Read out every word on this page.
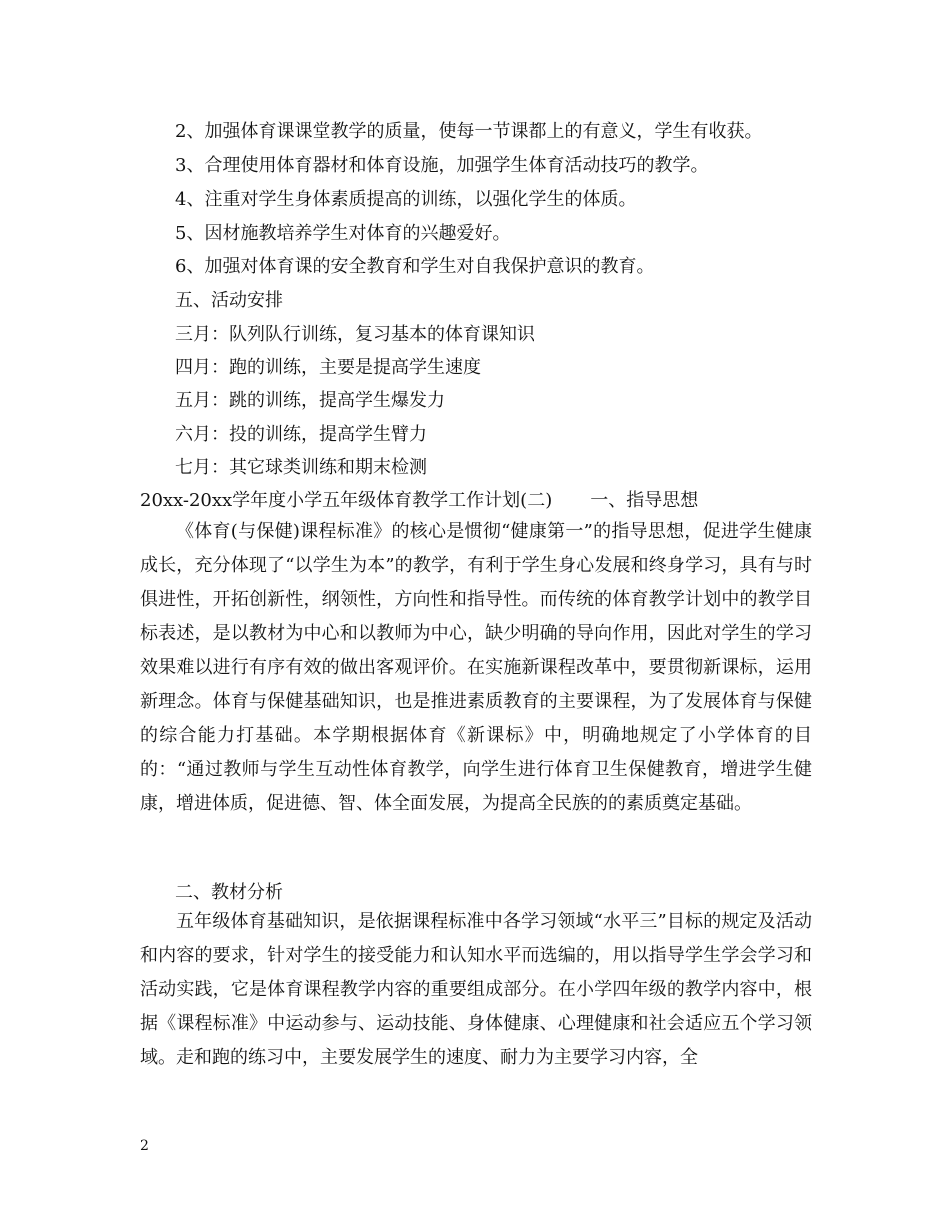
2、加强体育课课堂教学的质量，使每一节课都上的有意义，学生有收获。
3、合理使用体育器材和体育设施，加强学生体育活动技巧的教学。
4、注重对学生身体素质提高的训练，以强化学生的体质。
5、因材施教培养学生对体育的兴趣爱好。
6、加强对体育课的安全教育和学生对自我保护意识的教育。
五、活动安排
三月：队列队行训练，复习基本的体育课知识
四月：跑的训练，主要是提高学生速度
五月：跳的训练，提高学生爆发力
六月：投的训练，提高学生臂力
七月：其它球类训练和期末检测
20xx-20xx学年度小学五年级体育教学工作计划(二) 一、指导思想
《体育(与保健)课程标准》的核心是惯彻“健康第一”的指导思想，促进学生健康成长，充分体现了“以学生为本”的教学，有利于学生身心发展和终身学习，具有与时俱进性，开拓创新性，纲领性，方向性和指导性。而传统的体育教学计划中的教学目标表述，是以教材为中心和以教师为中心，缺少明确的导向作用，因此对学生的学习效果难以进行有序有效的做出客观评价。在实施新课程改革中，要贯彻新课标，运用新理念。体育与保健基础知识，也是推进素质教育的主要课程，为了发展体育与保健的综合能力打基础。本学期根据体育《新课标》中，明确地规定了小学体育的目的：“通过教师与学生互动性体育教学，向学生进行体育卫生保健教育，增进学生健康，增进体质，促进德、智、体全面发展，为提高全民族的的素质奠定基础。
二、教材分析
五年级体育基础知识，是依据课程标准中各学习领域“水平三”目标的规定及活动和内容的要求，针对学生的接受能力和认知水平而选编的，用以指导学生学会学习和活动实践，它是体育课程教学内容的重要组成部分。在小学四年级的教学内容中，根据《课程标准》中运动参与、运动技能、身体健康、心理健康和社会适应五个学习领域。走和跑的练习中，主要发展学生的速度、耐力为主要学习内容，全
2
